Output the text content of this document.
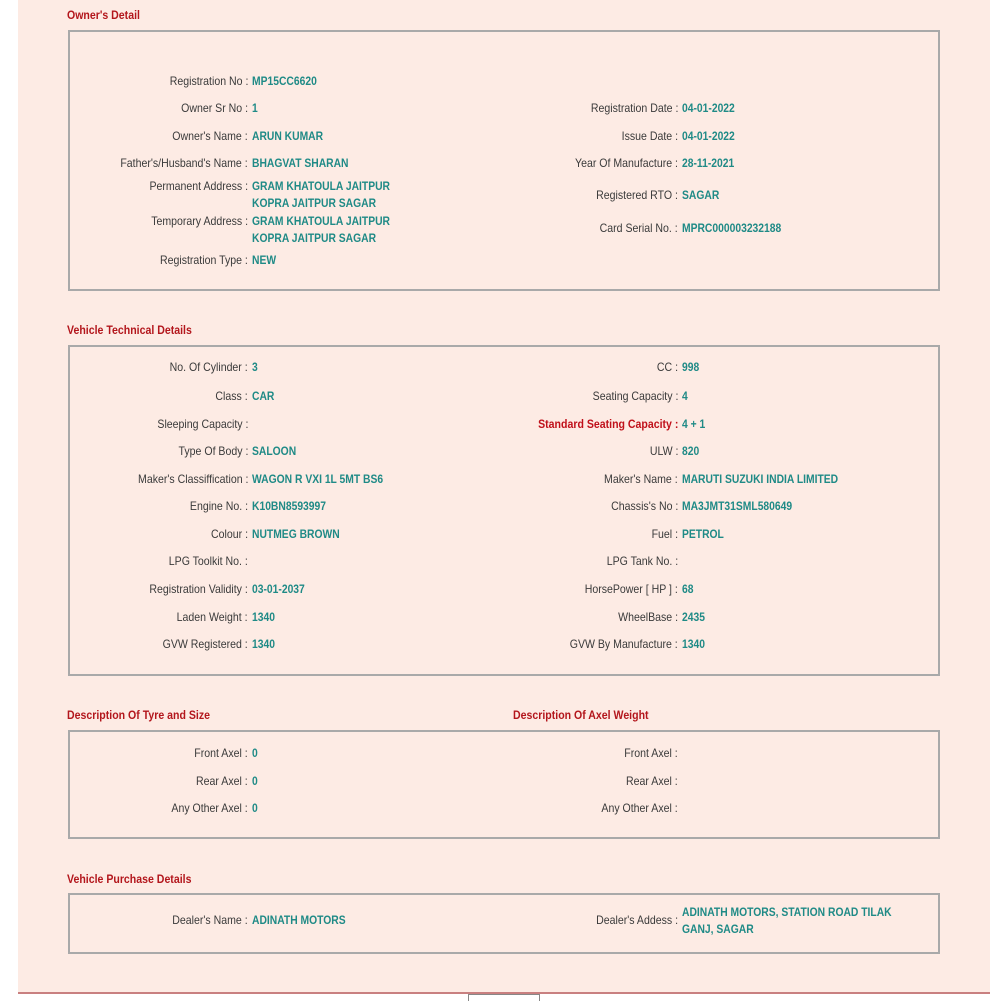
Owner's Detail
Registration No : MP15CC6620
Owner Sr No : 1
Owner's Name : ARUN KUMAR
Father's/Husband's Name : BHAGVAT SHARAN
Permanent Address : GRAM KHATOULA JAITPUR KOPRA JAITPUR SAGAR
Temporary Address : GRAM KHATOULA JAITPUR KOPRA JAITPUR SAGAR
Registration Type : NEW
Registration Date : 04-01-2022
Issue Date : 04-01-2022
Year Of Manufacture : 28-11-2021
Registered RTO : SAGAR
Card Serial No. : MPRC000003232188
Vehicle Technical Details
No. Of Cylinder : 3
Class : CAR
Sleeping Capacity :
Type Of Body : SALOON
Maker's Classiffication : WAGON R VXI 1L 5MT BS6
Engine No. : K10BN8593997
Colour : NUTMEG BROWN
LPG Toolkit No. :
Registration Validity : 03-01-2037
Laden Weight : 1340
GVW Registered : 1340
CC : 998
Seating Capacity : 4
Standard Seating Capacity : 4 + 1
ULW : 820
Maker's Name : MARUTI SUZUKI INDIA LIMITED
Chassis's No : MA3JMT31SML580649
Fuel : PETROL
LPG Tank No. :
HorsePower [ HP ] : 68
WheelBase : 2435
GVW By Manufacture : 1340
Description Of Tyre and Size	Description Of Axel Weight
Front Axel : 0
Rear Axel : 0
Any Other Axel : 0
Front Axel :
Rear Axel :
Any Other Axel :
Vehicle Purchase Details
Dealer's Name : ADINATH MOTORS	Dealer's Addess :
ADINATH MOTORS, STATION ROAD TILAK GANJ, SAGAR
